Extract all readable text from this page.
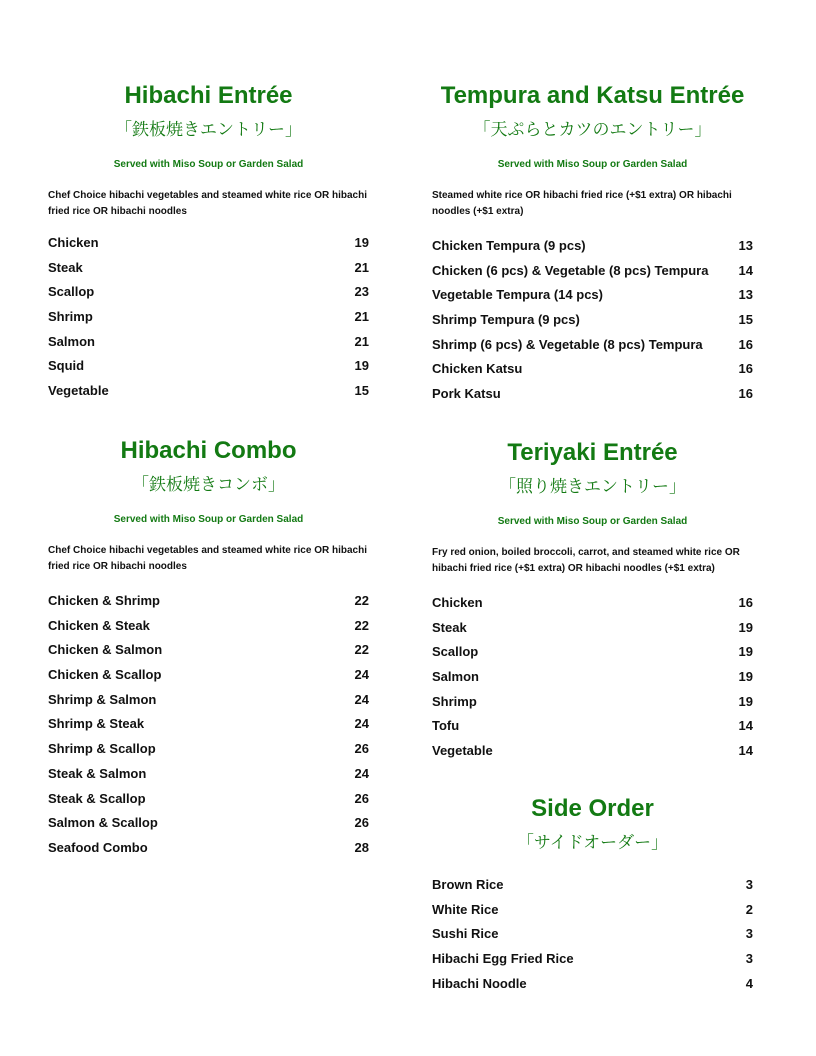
Hibachi Entrée
「鉄板焼きエントリー」
Served with Miso Soup or Garden Salad
Chef Choice hibachi vegetables and steamed white rice OR hibachi fried rice OR hibachi noodles
Chicken	19
Steak	21
Scallop	23
Shrimp	21
Salmon	21
Squid	19
Vegetable	15
Tempura and Katsu Entrée
「天ぷらとカツのエントリー」
Served with Miso Soup or Garden Salad
Steamed white rice OR hibachi fried rice (+$1 extra) OR hibachi noodles (+$1 extra)
Chicken Tempura (9 pcs)	13
Chicken (6 pcs) & Vegetable (8 pcs) Tempura	14
Vegetable Tempura (14 pcs)	13
Shrimp Tempura (9 pcs)	15
Shrimp (6 pcs) & Vegetable (8 pcs) Tempura	16
Chicken Katsu	16
Pork Katsu	16
Hibachi Combo
「鉄板焼きコンボ」
Served with Miso Soup or Garden Salad
Chef Choice hibachi vegetables and steamed white rice OR hibachi fried rice OR hibachi noodles
Chicken & Shrimp	22
Chicken & Steak	22
Chicken & Salmon	22
Chicken & Scallop	24
Shrimp & Salmon	24
Shrimp & Steak	24
Shrimp & Scallop	26
Steak & Salmon	24
Steak & Scallop	26
Salmon & Scallop	26
Seafood Combo	28
Teriyaki Entrée
「照り焼きエントリー」
Served with Miso Soup or Garden Salad
Fry red onion, boiled broccoli, carrot, and steamed white rice OR hibachi fried rice (+$1 extra) OR hibachi noodles (+$1 extra)
Chicken	16
Steak	19
Scallop	19
Salmon	19
Shrimp	19
Tofu	14
Vegetable	14
Side Order
「サイドオーダー」
Brown Rice	3
White Rice	2
Sushi Rice	3
Hibachi Egg Fried Rice	3
Hibachi Noodle	4
